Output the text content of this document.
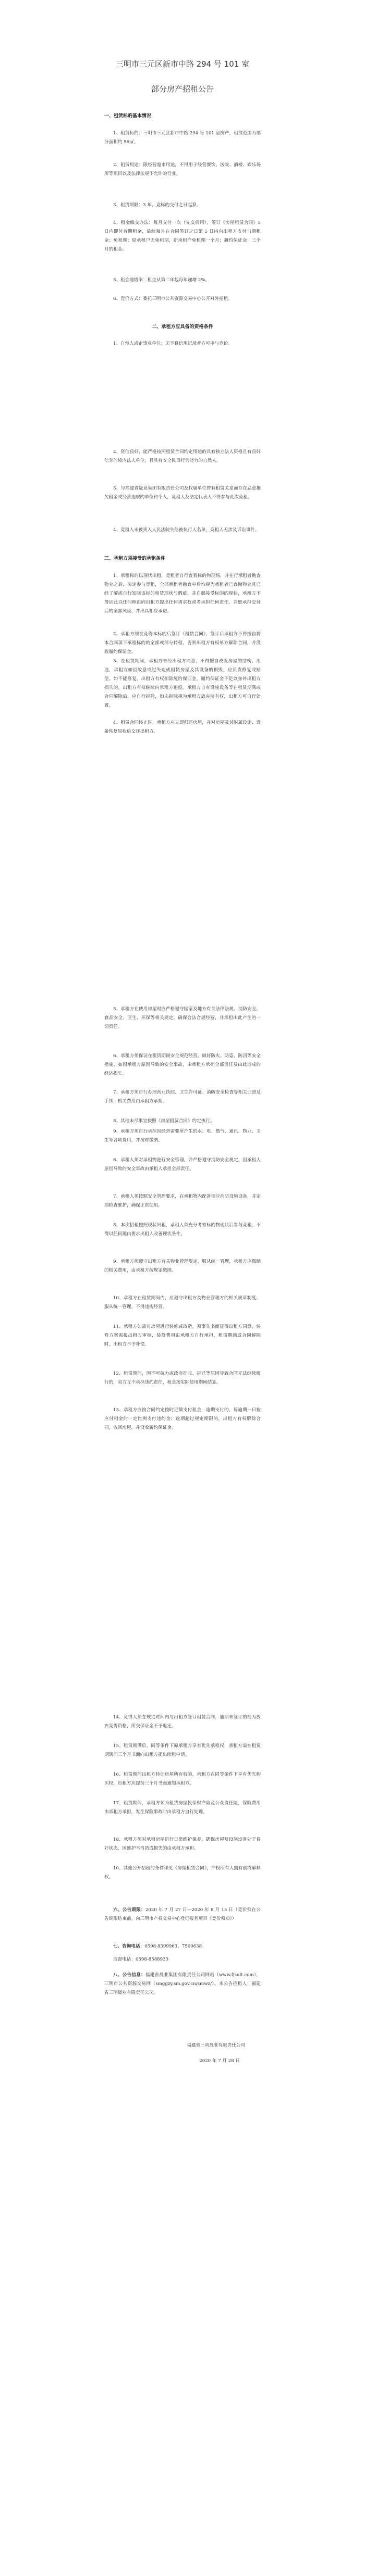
三明市三元区新市中路 294 号 101 室
部分房产招租公告
一、租赁标的基本情况
1、租赁标的：三明市三元区新市中路 294 号 101 室房产，租赁范围为部分面积约 56㎡。
2、租赁用途：限经营超市用途，不得用于经营餐饮、医院、酒楼、娱乐场所等项目以及法律法规不允许的行业。
3、租赁期限：3 年，竞标的交付之日起算。
4、租金缴交办法：每月支付一次（先交后用），签订《房屋租赁合同》5 日内即付首期租金，后续每月在合同签订之日第 5 日内向出租方支付当期租金；免租期：原承租户无免租期，新承租户免租期一个月；履约保证金：三个月的租金。
5、租金递增率：租金从第二年起每年递增 2%。
6、竞价方式：委托三明市公共资源交易中心公开对外招租。
二、承租方应具备的资格条件
1、自然人或企事业单位；无不良信用记录者方可申与竞价。
2、资信良好，能严格按照租赁合同约定用途的具有独立法人资格且有良好信誉的境内法人单位，且具有安全民事行为能力的自然人。
3、与福建省晟业集团有限责任公司及权属单位曾有租赁关系而存在恶意拖欠租金或经营违规的单位和个人，竞租人及法定代表人不得参与此次竞租。
4、竞租人未被列入人民法院失信被执行人名单，竞租人无涉及诉讼事件。
三、承租方须接受的承租条件
1、承租标的以现状出租，竞租者自行查看标的物现场，并在行承租者勘查物业之后，决定参与竞租，全部承租者勘查中后均视为承租者已查勘物业且已经了解或自行知晓该标的租赁现状与瑕疵，并自愿接受标的的现状，承租方不得因此以任何理由向出租方提出任何请求权或者承担任何责任，并愿承担交付后的全部风险，并出具相应承诺。
2、承租方须在竞得本标的后签订《租赁合同》，签订后承租方不得擅自将本合同项下承租标的的全部或部分转租，否则出租方有权单方解除合同，并没收履约保证金。
3、在租赁期间，承租方未经出租方同意，不得擅自改变房屋的结构、用途，承租方如因故意或过失造成租赁房屋及其设备的损毁，应负责修复或赔偿。如不能修复，出租方有权扣除履约保证金，履约保证金不足以弥补出租方损失的，出租方有权继续向承租方追偿。承租方自有设施设备等在租赁期满或合同解除后，应自行拆除，如未拆除视为承租方放弃所有权，出租方可自行处置。
4、租赁合同终止时，承租方应立即归还房屋，并对房屋及其附属设施、设备恢复原状后交还出租方。
5、承租方在使用房屋时应严格遵守国家及地方有关法律法规、消防安全、食品安全、卫生、环保等相关规定，确保合法合规经营，并承担由此产生的一切责任。
6、承租方须保证在租赁期间安全规范经营，做好防火、防盗、防汛等安全措施，如因承租方原因导致的安全事故，由承租方承担全部责任及由此造成的经济损失。
7、承租方须自行办理营业执照、卫生许可证、消防安全检查等相关证照及手续，相关费用由承租方承担。
8、其他未尽事宜按照《房屋租赁合同》约定执行。
9、承租方须自行承担因经营需要所产生的水、电、燃气、通讯、物业、卫生等各项费用，并按时缴纳。
6、承租人须对承租物进行安全管理，并严格遵守消防安全规定，因承租人原因导致的安全事故由承租人承担全部责任。
7、承租人须按照安全管理要求，在承租物内配备相应消防设施设备，并定期检查维护，确保正常使用。
8、本次招租按照现状出租，承租人须充分考察标的物现状后参与竞租，不得以任何理由要求出租人改善现状条件。
9、承租方须遵守出租方有关物业管理规定，服从统一管理，承租方应缴纳的相关费用，由承租方按规定缴纳。
10、承租方在租赁期间内，应遵守出租方及物业管理方的相关规章制度，服从统一管理，不得违规经营。
11、承租方如需对房屋进行装修或改造，须事先书面征得出租方同意，装修方案需报出租方审核，装修费用由承租方自行承担，租赁期满或合同解除时，出租方不予补偿。
12、租赁期间，因不可抗力或政府征收、拆迁等原因导致合同无法继续履行的，双方互不承担违约责任，租金按实际使用期间结算。
13、承租方应按合同约定按时足额支付租金，逾期支付的，每逾期一日按应付租金的一定比例支付违约金；逾期超过规定期限的，出租方有权解除合同，收回房屋，并没收履约保证金。
14、竞得人须在规定时间内与出租方签订租赁合同，逾期未签订的视为放弃竞得资格，所交保证金不予退还。
15、租赁期满后，同等条件下原承租方享有优先承租权，承租方需在租赁期满前三个月书面向出租方提出续租申请。
16、租赁期间出租方转让房屋所有权的，承租方在同等条件下享有优先购买权，出租方应提前三个月书面通知承租方。
17、租赁期间，承租方须为租赁房屋投保财产险及公众责任险，保险费用由承租方承担，发生保险事故时由承租方自行处理。
18、承租方须对承租房屋进行日常维护保养，确保房屋及设施设备处于良好状态，因维护不当造成损失的由承租方承担。
10、其他公开招租的条件详见《房屋租赁合同》，产权所有人拥有最终解释权。
六、公告期限：2020 年 7 月 27 日—2020 年 8 月 15 日（竞价须在公告期限结束前，向三明市产权交易中心登记报名项目《竞价须知》）
七、咨询电话：0598-8399963、7500638
监督电话：0598-8588933
八、公告信息：福建省晟业集团有限责任公司网站（www.fjsult.com），三明市公共资源交易网（smggzy.sm.gov.cn/smwz/）。本公告招租人：福建省三明晟业有限责任公司。
福建省三明晟业有限责任公司
2020 年 7 月 28 日
